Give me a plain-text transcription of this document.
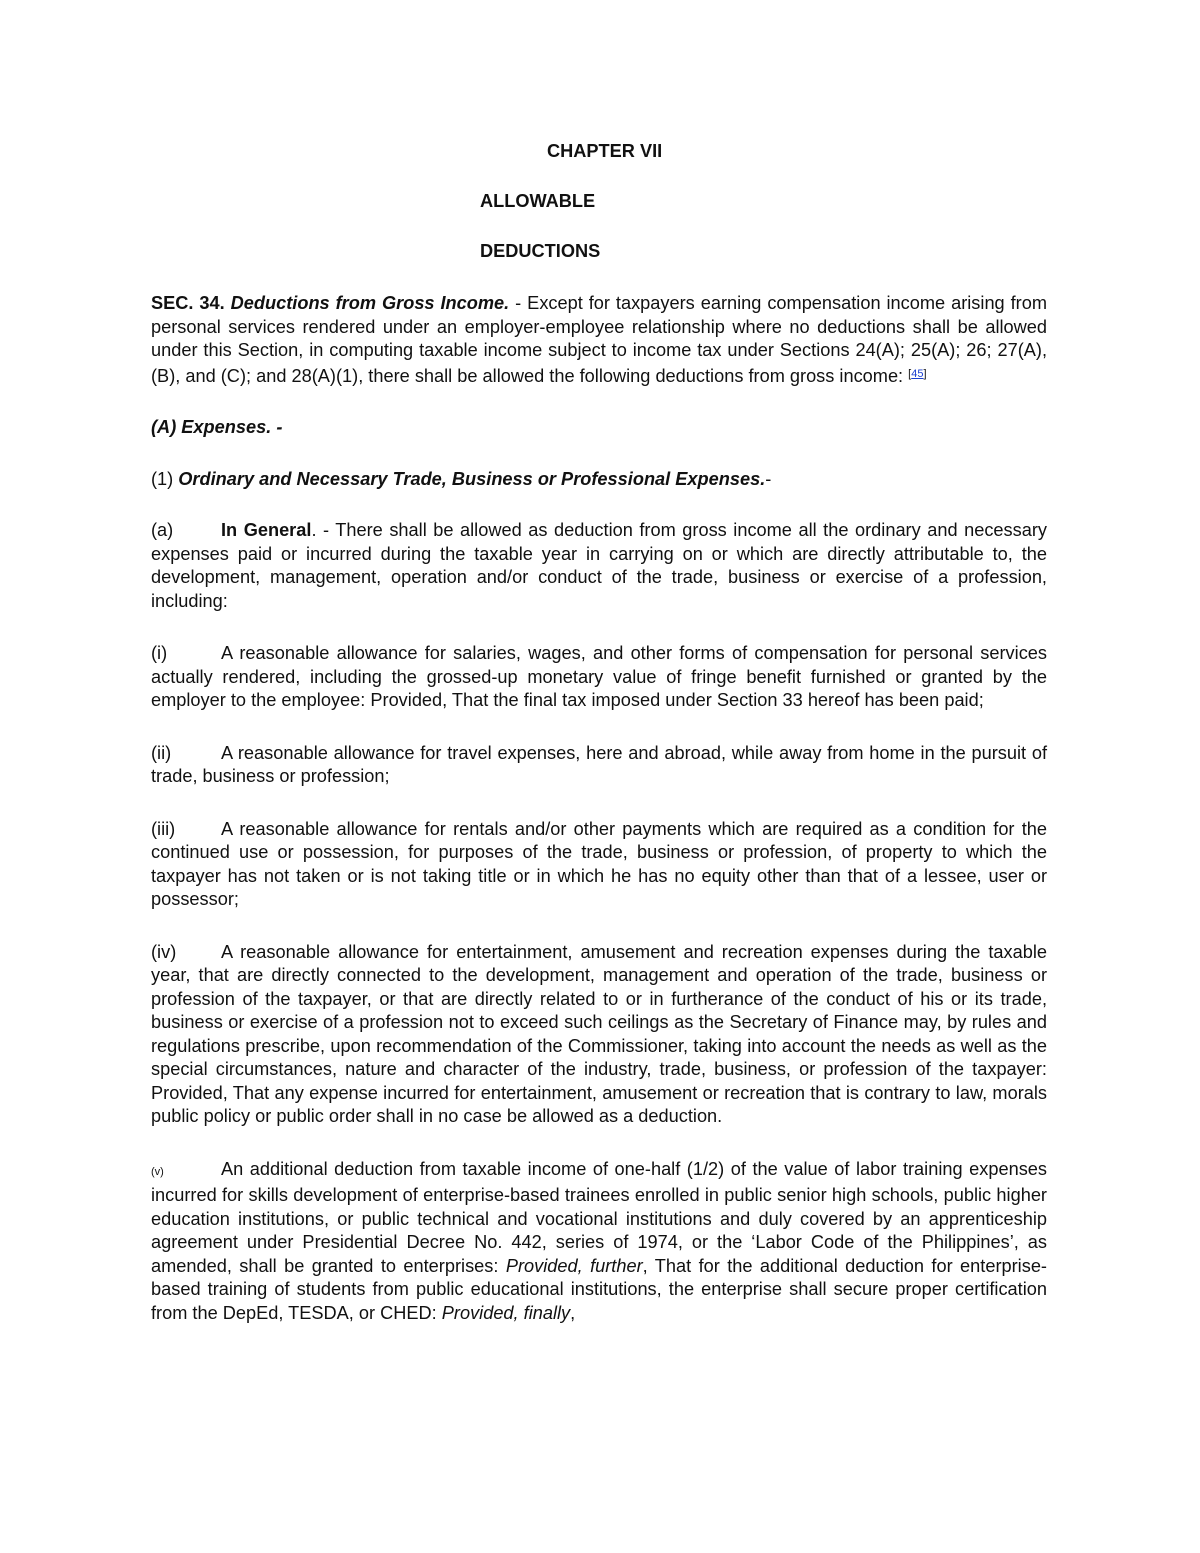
CHAPTER VII
ALLOWABLE
DEDUCTIONS

SEC. 34. Deductions from Gross Income. - Except for taxpayers earning compensation income arising from personal services rendered under an employer-employee relationship where no deductions shall be allowed under this Section, in computing taxable income subject to income tax under Sections 24(A); 25(A); 26; 27(A), (B), and (C); and 28(A)(1), there shall be allowed the following deductions from gross income: [45]

(A) Expenses. -

(1) Ordinary and Necessary Trade, Business or Professional Expenses.-

(a)	In General. - There shall be allowed as deduction from gross income all the ordinary and necessary expenses paid or incurred during the taxable year in carrying on or which are directly attributable to, the development, management, operation and/or conduct of the trade, business or exercise of a profession, including:

(i)	A reasonable allowance for salaries, wages, and other forms of compensation for personal services actually rendered, including the grossed-up monetary value of fringe benefit furnished or granted by the employer to the employee: Provided, That the final tax imposed under Section 33 hereof has been paid;

(ii)	A reasonable allowance for travel expenses, here and abroad, while away from home in the pursuit of trade, business or profession;

(iii)	A reasonable allowance for rentals and/or other payments which are required as a condition for the continued use or possession, for purposes of the trade, business or profession, of property to which the taxpayer has not taken or is not taking title or in which he has no equity other than that of a lessee, user or possessor;

(iv) A reasonable allowance for entertainment, amusement and recreation expenses during the taxable year, that are directly connected to the development, management and operation of the trade, business or profession of the taxpayer, or that are directly related to or in furtherance of the conduct of his or its trade, business or exercise of a profession not to exceed such ceilings as the Secretary of Finance may, by rules and regulations prescribe, upon recommendation of the Commissioner, taking into account the needs as well as the special circumstances, nature and character of the industry, trade, business, or profession of the taxpayer: Provided, That any expense incurred for entertainment, amusement or recreation that is contrary to law, morals public policy or public order shall in no case be allowed as a deduction.

(v)	An additional deduction from taxable income of one-half (1/2) of the value of labor training expenses incurred for skills development of enterprise-based trainees enrolled in public senior high schools, public higher education institutions, or public technical and vocational institutions and duly covered by an apprenticeship agreement under Presidential Decree No. 442, series of 1974, or the ‘Labor Code of the Philippines’, as amended, shall be granted to enterprises: Provided, further, That for the additional deduction for enterprise-based training of students from public educational institutions, the enterprise shall secure proper certification from the DepEd, TESDA, or CHED: Provided, finally,
